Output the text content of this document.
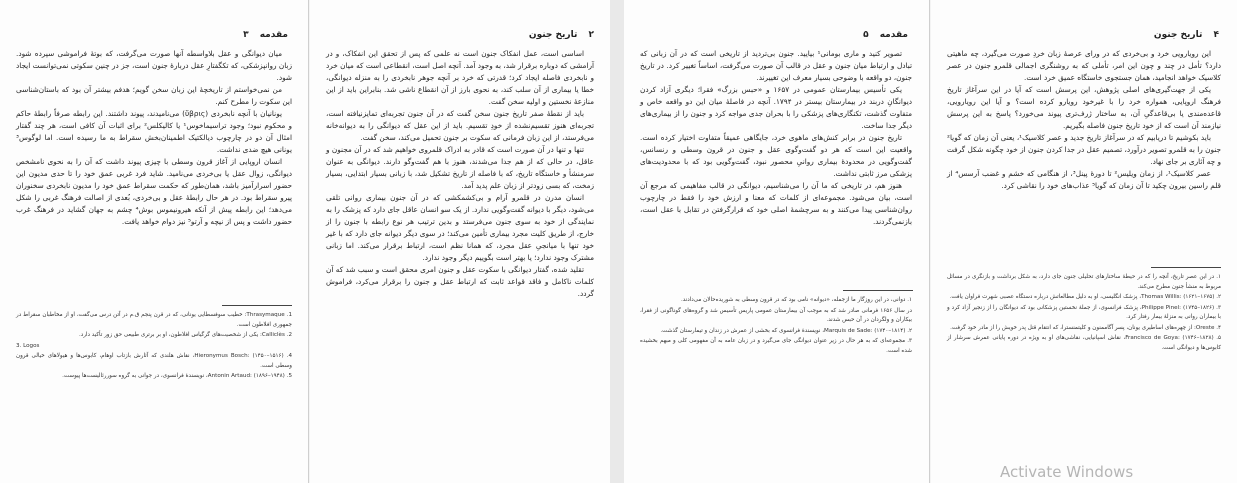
مقدمه ۳

میان دیوانگی و عقل بلاواسطه آنها صورت می‌گرفت، که بوتهٔ فراموشی سپرده شود. زبان روانپزشکی، که تکگفتارِ عقل دربارهٔ جنون است، جز در چنین سکوتی نمی‌توانست ایجاد شود.

من نمی‌خواستم از تاریخچهٔ این زبان سخن گویم؛ هدفم بیشتر آن بود که باستان‌شناسی این سکوت را مطرح کنم.

یونانیان با آنچه نابخردی (ὕβρις) می‌نامیدند، پیوند داشتند. این رابطه صرفاً رابطهٔ حاکم و محکوم نبود؛ وجود تراسیماخوس¹ یا کالیکلس² برای اثبات آن کافی است، هر چند گفتار امثال آن دو در چارچوب دیالکتیک اطمینان‌بخش سقراط به ما رسیده است. اما لوگوس³ یونانی هیچ ضدی نداشت.

انسان اروپایی از آغاز قرون وسطی با چیزی پیوند داشت که آن را به نحوی نامشخص دیوانگی، زوال عقل یا بی‌خردی می‌نامید. شاید فرد غربی عمق خود را تا حدی مدیون این حضور اسرارآمیز باشد، همان‌طور که حکمت سقراط عمق خود را مدیون نابخردی سخنوران پیرو سقراط بود. در هر حال رابطهٔ عقل و بی‌خردی، بُعدی از اصالت فرهنگ غربی را شکل می‌دهد؛ این رابطه پیش از آنکه هیرونیموس بوش⁴ چشم به جهان گشاید در فرهنگ غرب حضور داشت و پس از نیچه و آرتو⁵ نیز دوام خواهد یافت.

1. Thrasymaque: خطیب سوفسطایی یونانی، که در قرن پنجم ق.م در آتن درس می‌گفت، او از مخاطبان سقراط در جمهوری افلاطون است.

2. Calliclès: یکی از شخصیت‌های گرگیاس افلاطون، او بر برتری طبیعی حق زور تأکید دارد.

3. Logos

4. Hieronymus Bosch: (۱۴۵۰–۱۵۱۶)، نقاش هلندی که آثارش بازتاب اوهام، کابوس‌ها و هیولاهای خیالی قرون وسطی است.

5. Antonin Artaud: (۱۸۹۶–۱۹۴۸)، نویسندهٔ فرانسوی، در جوانی به گروه سوررئالیست‌ها پیوست.

۲ تاریخ جنون

اساسی است، عمل انفکاک جنون است نه علمی که پس از تحقق این انفکاک، و در آرامشی که دوباره برقرار شد، به وجود آمد. آنچه اصل است، انقطاعی است که میان خرد و نابخردی فاصله ایجاد کرد؛ قدرتی که خرد بر آنچه جوهر نابخردی را به منزله دیوانگی، خطا یا بیماری از آن سلب کند، به نحوی بارز از آن انقطاع ناشی شد. بنابراین باید از این منازعهٔ نخستین و اولیه سخن گفت.

باید از نقطهٔ صفر تاریخ جنون سخن گفت که در آن جنون تجربه‌ای تمایزنیافته است، تجربه‌ای هنوز تقسیم‌نشده از خودِ تقسیم. باید از این عقل که دیوانگی را به دیوانه‌خانه می‌فرستد، از این زبان فرمانی که سکوت بر جنون تحمیل می‌کند، سخن گفت.

تنها و تنها در آن صورت است که قادر به ادراک قلمروی خواهیم شد که در آن مجنون و عاقل، در حالی که از هم جدا می‌شدند، هنوز با هم گفت‌وگو دارند. دیوانگی به عنوان سرمنشأ و خاستگاه تاریخ، که با فاصله از تاریخ تشکیل شد، با زبانی بسیار ابتدایی، بسیار زمخت، که بسی زودتر از زبان علم پدید آمد.

انسان مدرن در قلمرو آرام و بی‌کشمکشی که در آن جنون بیماری روانی تلقی می‌شود، دیگر با دیوانه گفت‌وگویی ندارد. از یک سو انسان عاقل جای دارد که پزشک را به نمایندگی از خود به سوی جنون می‌فرستد و بدین ترتیب هر نوع رابطه با جنون را از خارج، از طریق کلیت مجرد بیماری تأمین می‌کند؛ در سوی دیگر دیوانه جای دارد که با غیر خود تنها با میانجیِ عقل مجرد، که همانا نظم است، ارتباط برقرار می‌کند. اما زبانی مشترک وجود ندارد؛ یا بهتر است بگوییم دیگر وجود ندارد.

تقلید شده، گفتار دیوانگی با سکوت عقل و جنون امری محقق است و سبب شد که آن کلمات ناکامل و فاقد قواعد ثابت که ارتباط عقل و جنون را برقرار می‌کرد، فراموش گردد.

مقدمه ۵

تصویر کنید و ماری بومانی¹ بیایید. جنون بی‌تردید از تاریخی است که در آن زبانی که تبادل و ارتباط میان جنون و عقل در قالب آن صورت می‌گرفت، اساساً تغییر کرد. در تاریخ جنون، دو واقعه با وضوحی بسیار معرف این تغییرند.

یکی تأسیس بیمارستان عمومی در ۱۶۵۷ و «حبس بزرگ» فقرا؛ دیگری آزاد کردن دیوانگانِ دربند در بیمارستان بیستر در ۱۷۹۴. آنچه در فاصلهٔ میان این دو واقعه خاص و متفاوت گذشت، تکنگاری‌های پزشکی را با بحران جدی مواجه کرد و جنون را از بیماری‌های دیگر جدا ساخت.

تاریخ جنون در برابر کنش‌های ماهوی خرد، جایگاهی عمیقاً متفاوت اختیار کرده است. واقعیت این است که هر دو گفت‌وگوی عقل و جنون در قرون وسطی و رنسانس، گفت‌وگویی در محدودهٔ بیماری روانیِ محصور نبود، گفت‌وگویی بود که با محدودیت‌های پزشکی مرز ثابتی نداشت.

هنوز هم، در تاریخی که ما آن را می‌شناسیم، دیوانگی در قالب مفاهیمی که مرجع آن است، بیان می‌شود. مجموعه‌ای از کلمات که معنا و ارزش خود را فقط در چارچوب روان‌شناسی پیدا می‌کنند و به سرچشمهٔ اصلی خود که قرارگرفتن در تقابل با عقل است، بازنمی‌گردند.

۱. دوانی، در این روزگار ما ازجمله، «دیوانه» نامی بود که در قرون وسطی به شوریده‌حالان می‌دادند.

در سال ۱۶۵۶ فرمانی صادر شد که به موجب آن بیمارستان عمومی پاریس تأسیس شد و گروه‌های گوناگونی از فقرا، بیکاران و ولگردان در آن حبس شدند.

۲. Marquis de Sade: (۱۷۴۰–۱۸۱۴)، نویسندهٔ فرانسوی که بخشی از عمرش در زندان و تیمارستان گذشت.

۳. مجموعه‌ای که به هر حال در زیر عنوان دیوانگی جای می‌گیرد و در زبان عامه به آن مفهومی کلی و مبهم بخشیده شده است.

۴ تاریخ جنون

این رویارویی خرد و بی‌خردی که در ورای عرصهٔ زبان خردِ صورت می‌گیرد، چه ماهیتی دارد؟ تأمل در چند و چون این امر، تأملی که به روشنگری اجمالی قلمرو جنون در عصر کلاسیک خواهد انجامید، همان جستجوی خاستگاه عمیق خرد است.

یکی از جهت‌گیری‌های اصلی پژوهش، این پرسش است که آیا در این سرآغاز تاریخ فرهنگ اروپایی، همواره خرد را با غیرخود رویارو کرده است؟ و آیا این رویارویی، قاعده‌مندی یا بی‌قاعدگیِ آن، به ساختار ژرف‌تری پیوند می‌خورد؟ پاسخ به این پرسش نیازمند آن است که از خود تاریخ جنون فاصله بگیریم.

باید بکوشیم تا دریابیم که در سرآغاز تاریخ جدید و عصر کلاسیک¹، یعنی آن زمان که گویا² جنون را به قلمرو تصویر درآورد، تصمیم عقل در جدا کردن جنون از خود چگونه شکل گرفت و چه آثاری بر جای نهاد.

عصر کلاسیک¹، از زمان ویلیس² تا دورهٔ پینل³، از هنگامی که خشم و غضب آرسس⁴ از قلم راسین بیرون چکید تا آن زمان که گویا⁵ عذاب‌های خود را نقاشی کرد.

۱. در این عصر تاریخ، آنچه را که در حیطهٔ ساختارهای تحلیلی جنون جای دارد، به شکل برداشت و بازنگری در مسائل مربوط به منشأ جنون مطرح می‌کند.

۲. Thomas Willis: (۱۶۲۱–۱۶۷۵)، پزشک انگلیسی، او به دلیل مطالعاتش درباره دستگاه عصبی شهرت فراوان یافت.

۳. Philippe Pinel: (۱۷۴۵–۱۸۲۶)، پزشک فرانسوی، از جملهٔ نخستین پزشکانی بود که دیوانگان را از زنجیر آزاد کرد و با بیماران روانی به منزلهٔ بیمار رفتار کرد.

۴. Oreste: از چهره‌های اساطیری یونان، پسر آگاممنون و کلیتمنسترا، که انتقام قتل پدر خویش را از مادر خود گرفت.

۵. Francisco de Goya: (۱۷۴۶–۱۸۲۸)، نقاش اسپانیایی، نقاشی‌های او به ویژه در دوره پایانی عمرش سرشار از کابوس‌ها و دیوانگی است.

Activate Windows
